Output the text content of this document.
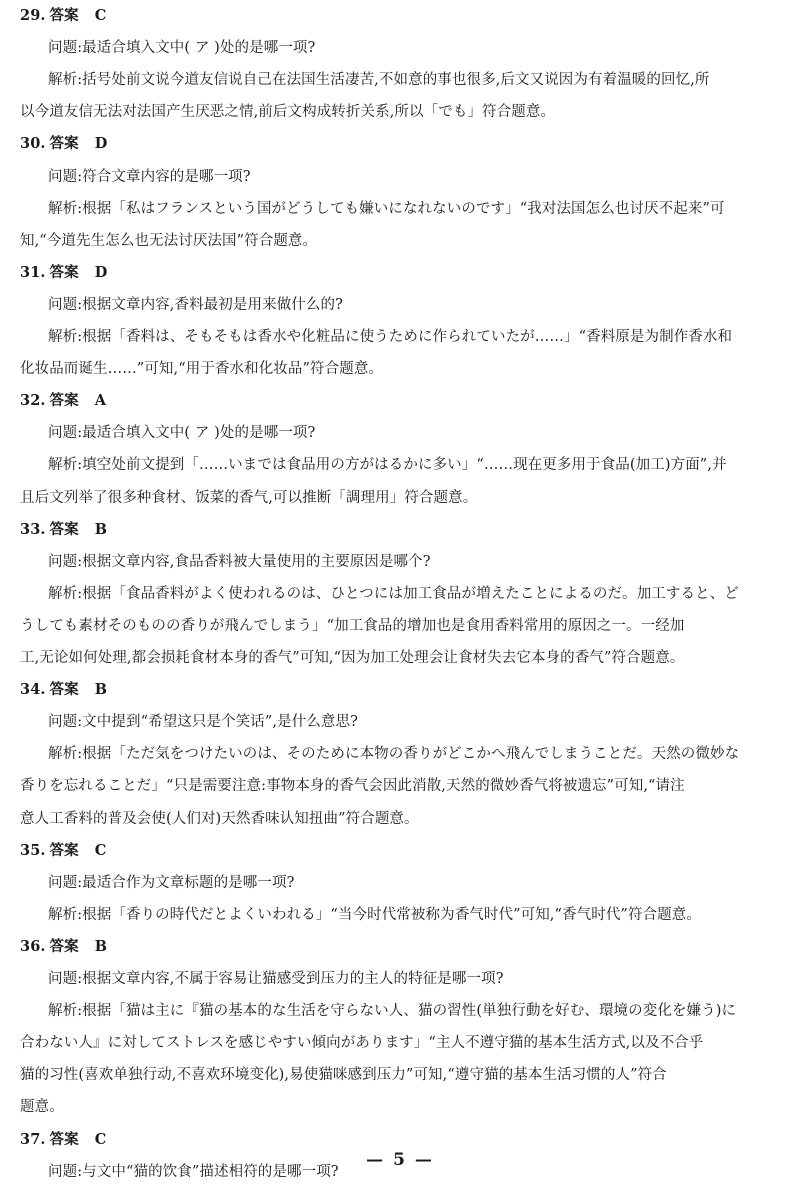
29. 答案 C
问题:最适合填入文中( ア )处的是哪一项?
解析:括号处前文说今道友信说自己在法国生活凄苦,不如意的事也很多,后文又说因为有着温暖的回忆,所
以今道友信无法对法国产生厌恶之情,前后文构成转折关系,所以「でも」符合题意。
30. 答案 D
问题:符合文章内容的是哪一项?
解析:根据「私はフランスという国がどうしても嫌いになれないのです」“我对法国怎么也讨厌不起来”可
知,“今道先生怎么也无法讨厌法国”符合题意。
31. 答案 D
问题:根据文章内容,香料最初是用来做什么的?
解析:根据「香料は、そもそもは香水や化粧品に使うために作られていたが……」“香料原是为制作香水和
化妆品而诞生……”可知,“用于香水和化妆品”符合题意。
32. 答案 A
问题:最适合填入文中( ア )处的是哪一项?
解析:填空处前文提到「……いまでは食品用の方がはるかに多い」“……现在更多用于食品(加工)方面”,并
且后文列举了很多种食材、饭菜的香气,可以推断「調理用」符合题意。
33. 答案 B
问题:根据文章内容,食品香料被大量使用的主要原因是哪个?
解析:根据「食品香料がよく使われるのは、ひとつには加工食品が増えたことによるのだ。加工すると、ど
うしても素材そのものの香りが飛んでしまう」“加工食品的增加也是食用香料常用的原因之一。一经加
工,无论如何处理,都会损耗食材本身的香气”可知,“因为加工处理会让食材失去它本身的香气”符合题意。
34. 答案 B
问题:文中提到“希望这只是个笑话”,是什么意思?
解析:根据「ただ気をつけたいのは、そのために本物の香りがどこかへ飛んでしまうことだ。天然の微妙な
香りを忘れることだ」“只是需要注意:事物本身的香气会因此消散,天然的微妙香气将被遗忘”可知,“请注
意人工香料的普及会使(人们对)天然香味认知扭曲”符合题意。
35. 答案 C
问题:最适合作为文章标题的是哪一项?
解析:根据「香りの時代だとよくいわれる」“当今时代常被称为香气时代”可知,“香气时代”符合题意。
36. 答案 B
问题:根据文章内容,不属于容易让猫感受到压力的主人的特征是哪一项?
解析:根据「猫は主に『猫の基本的な生活を守らない人、猫の習性(単独行動を好む、環境の変化を嫌う)に
合わない人』に対してストレスを感じやすい傾向があります」“主人不遵守猫的基本生活方式,以及不合乎
猫的习性(喜欢单独行动,不喜欢环境变化),易使猫咪感到压力”可知,“遵守猫的基本生活习惯的人”符合
题意。
37. 答案 C
问题:与文中“猫的饮食”描述相符的是哪一项?
— 5 —
